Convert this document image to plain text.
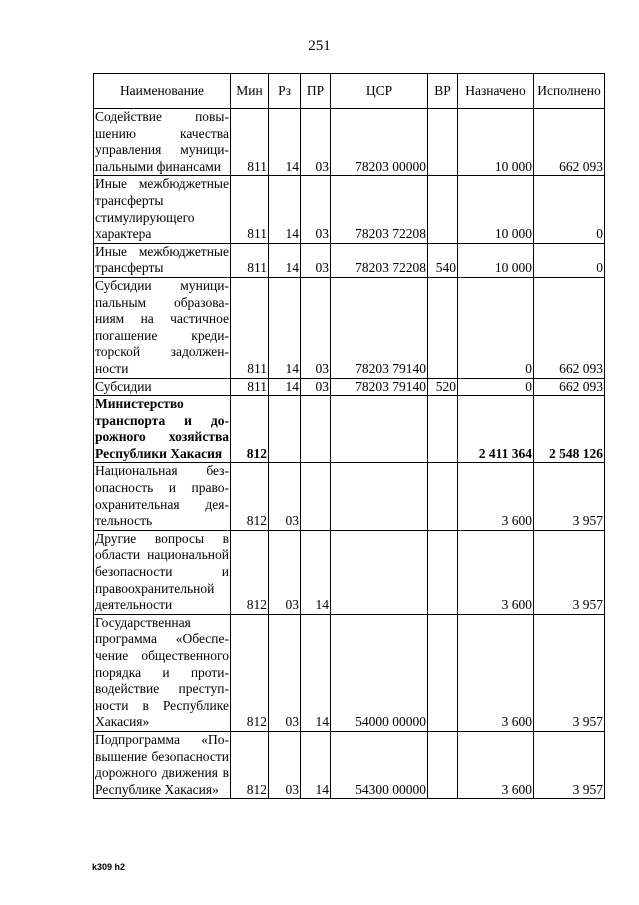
251
Наименование	Мин	Рз	ПР	ЦСР	ВР	Назначено	Исполнено
Содействие повышению качества управления муниципальными финансами	811	14	03	78203 00000		10 000	662 093
Иные межбюджетные трансферты стимулирующего характера	811	14	03	78203 72208		10 000	0
Иные межбюджетные трансферты	811	14	03	78203 72208	540	10 000	0
Субсидии муниципальным образованиям на частичное погашение кредиторской задолженности	811	14	03	78203 79140		0	662 093
Субсидии	811	14	03	78203 79140	520	0	662 093
Министерство транспорта и дорожного хозяйства Республики Хакасия	812					2 411 364	2 548 126
Национальная безопасность и правоохранительная деятельность	812	03				3 600	3 957
Другие вопросы в области национальной безопасности и правоохранительной деятельности	812	03	14			3 600	3 957
Государственная программа «Обеспечение общественного порядка и противодействие преступности в Республике Хакасия»	812	03	14	54000 00000		3 600	3 957
Подпрограмма «Повышение безопасности дорожного движения в Республике Хакасия»	812	03	14	54300 00000		3 600	3 957
k309 h2
